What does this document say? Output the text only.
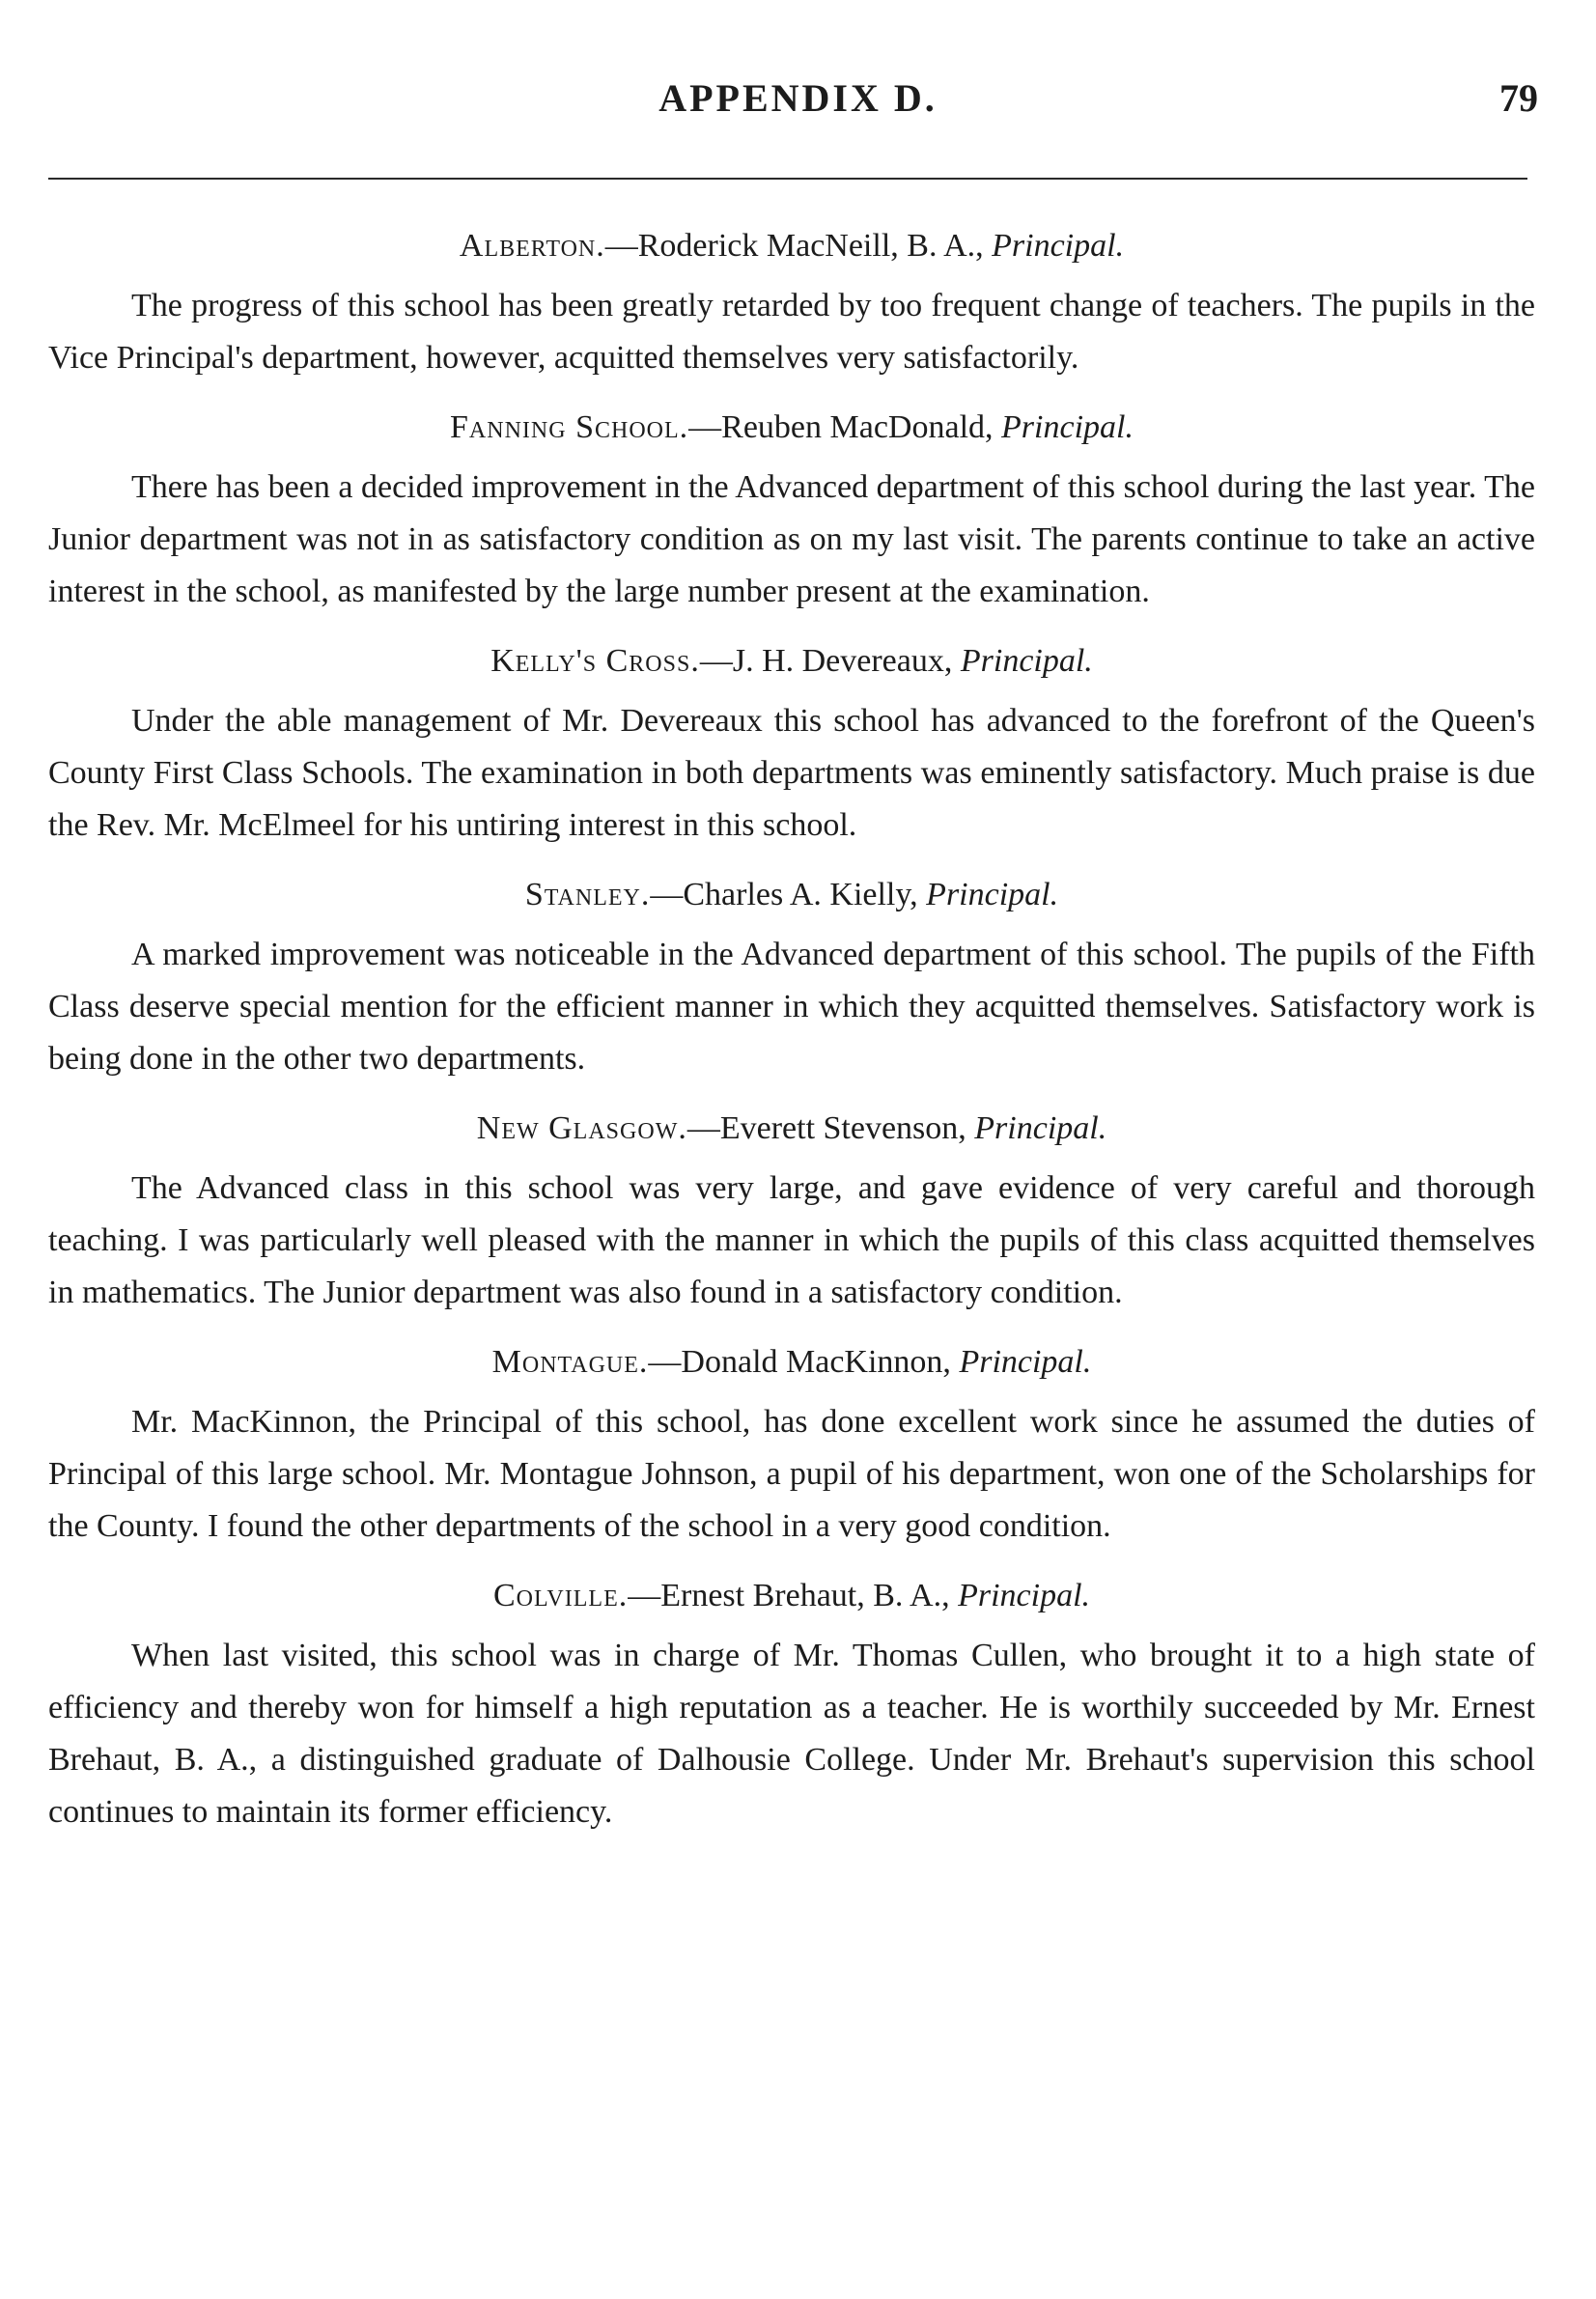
APPENDIX D.	79
Alberton.—Roderick MacNeill, B. A., Principal.

The progress of this school has been greatly retarded by too frequent change of teachers. The pupils in the Vice Principal's department, however, acquitted themselves very satisfactorily.

Fanning School.—Reuben MacDonald, Principal.

There has been a decided improvement in the Advanced department of this school during the last year. The Junior department was not in as satisfactory condition as on my last visit. The parents continue to take an active interest in the school, as manifested by the large number present at the examination.

Kelly's Cross.—J. H. Devereaux, Principal.

Under the able management of Mr. Devereaux this school has advanced to the forefront of the Queen's County First Class Schools. The examination in both departments was eminently satisfactory. Much praise is due the Rev. Mr. McElmeel for his untiring interest in this school.

Stanley.—Charles A. Kielly, Principal.

A marked improvement was noticeable in the Advanced department of this school. The pupils of the Fifth Class deserve special mention for the efficient manner in which they acquitted themselves. Satisfactory work is being done in the other two departments.

New Glasgow.—Everett Stevenson, Principal.

The Advanced class in this school was very large, and gave evidence of very careful and thorough teaching. I was particularly well pleased with the manner in which the pupils of this class acquitted themselves in mathematics. The Junior department was also found in a satisfactory condition.

Montague.—Donald MacKinnon, Principal.

Mr. MacKinnon, the Principal of this school, has done excellent work since he assumed the duties of Principal of this large school. Mr. Montague Johnson, a pupil of his department, won one of the Scholarships for the County. I found the other departments of the school in a very good condition.

Colville.—Ernest Brehaut, B. A., Principal.

When last visited, this school was in charge of Mr. Thomas Cullen, who brought it to a high state of efficiency and thereby won for himself a high reputation as a teacher. He is worthily succeeded by Mr. Ernest Brehaut, B. A., a distinguished graduate of Dalhousie College. Under Mr. Brehaut's supervision this school continues to maintain its former efficiency.
